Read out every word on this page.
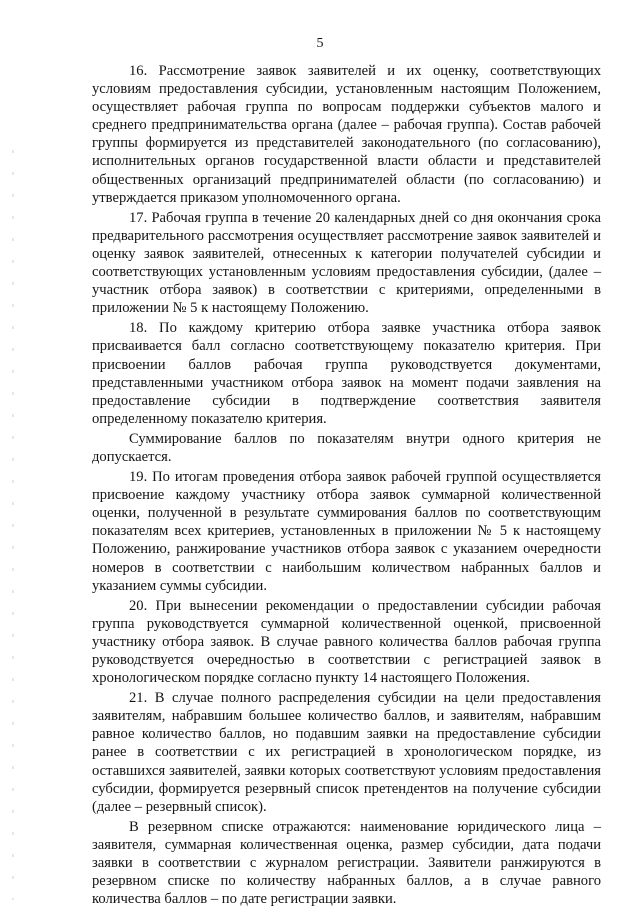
5

16. Рассмотрение заявок заявителей и их оценку, соответствующих условиям предоставления субсидии, установленным настоящим Положением, осуществляет рабочая группа по вопросам поддержки субъектов малого и среднего предпринимательства органа (далее – рабочая группа). Состав рабочей группы формируется из представителей законодательного (по согласованию), исполнительных органов государственной власти области и представителей общественных организаций предпринимателей области (по согласованию) и утверждается приказом уполномоченного органа.

17. Рабочая группа в течение 20 календарных дней со дня окончания срока предварительного рассмотрения осуществляет рассмотрение заявок заявителей и оценку заявок заявителей, отнесенных к категории получателей субсидии и соответствующих установленным условиям предоставления субсидии, (далее – участник отбора заявок) в соответствии с критериями, определенными в приложении № 5 к настоящему Положению.

18. По каждому критерию отбора заявке участника отбора заявок присваивается балл согласно соответствующему показателю критерия. При присвоении баллов рабочая группа руководствуется документами, представленными участником отбора заявок на момент подачи заявления на предоставление субсидии в подтверждение соответствия заявителя определенному показателю критерия.

Суммирование баллов по показателям внутри одного критерия не допускается.

19. По итогам проведения отбора заявок рабочей группой осуществляется присвоение каждому участнику отбора заявок суммарной количественной оценки, полученной в результате суммирования баллов по соответствующим показателям всех критериев, установленных в приложении № 5 к настоящему Положению, ранжирование участников отбора заявок с указанием очередности номеров в соответствии с наибольшим количеством набранных баллов и указанием суммы субсидии.

20. При вынесении рекомендации о предоставлении субсидии рабочая группа руководствуется суммарной количественной оценкой, присвоенной участнику отбора заявок. В случае равного количества баллов рабочая группа руководствуется очередностью в соответствии с регистрацией заявок в хронологическом порядке согласно пункту 14 настоящего Положения.

21. В случае полного распределения субсидии на цели предоставления заявителям, набравшим большее количество баллов, и заявителям, набравшим равное количество баллов, но подавшим заявки на предоставление субсидии ранее в соответствии с их регистрацией в хронологическом порядке, из оставшихся заявителей, заявки которых соответствуют условиям предоставления субсидии, формируется резервный список претендентов на получение субсидии (далее – резервный список).

В резервном списке отражаются: наименование юридического лица – заявителя, суммарная количественная оценка, размер субсидии, дата подачи заявки в соответствии с журналом регистрации. Заявители ранжируются в резервном списке по количеству набранных баллов, а в случае равного количества баллов – по дате регистрации заявки.
